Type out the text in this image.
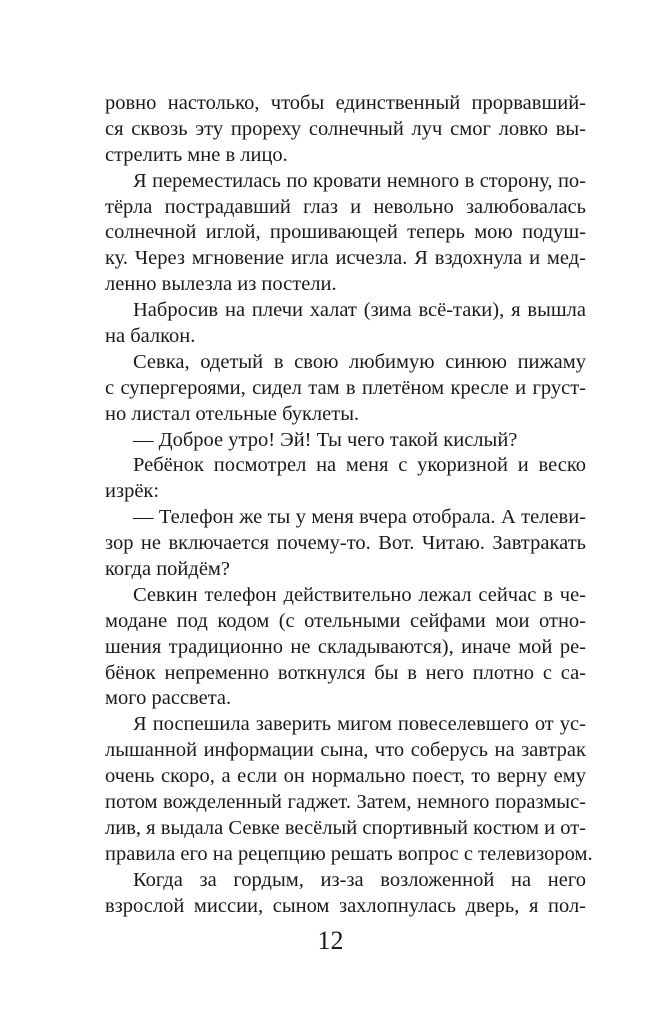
ровно настолько, чтобы единственный прорвавший-
ся сквозь эту прореху солнечный луч смог ловко вы-
стрелить мне в лицо.
Я переместилась по кровати немного в сторону, по-
тёрла пострадавший глаз и невольно залюбовалась
солнечной иглой, прошивающей теперь мою подуш-
ку. Через мгновение игла исчезла. Я вздохнула и мед-
ленно вылезла из постели.
Набросив на плечи халат (зима всё-таки), я вышла
на балкон.
Севка, одетый в свою любимую синюю пижаму
с супергероями, сидел там в плетёном кресле и груст-
но листал отельные буклеты.
— Доброе утро! Эй! Ты чего такой кислый?
Ребёнок посмотрел на меня с укоризной и веско
изрёк:
— Телефон же ты у меня вчера отобрала. А телеви-
зор не включается почему-то. Вот. Читаю. Завтракать
когда пойдём?
Севкин телефон действительно лежал сейчас в че-
модане под кодом (с отельными сейфами мои отно-
шения традиционно не складываются), иначе мой ре-
бёнок непременно воткнулся бы в него плотно с са-
мого рассвета.
Я поспешила заверить мигом повеселевшего от ус-
лышанной информации сына, что соберусь на завтрак
очень скоро, а если он нормально поест, то верну ему
потом вожделенный гаджет. Затем, немного поразмыс-
лив, я выдала Севке весёлый спортивный костюм и от-
правила его на рецепцию решать вопрос с телевизором.
Когда за гордым, из-за возложенной на него
взрослой миссии, сыном захлопнулась дверь, я пол-
12
